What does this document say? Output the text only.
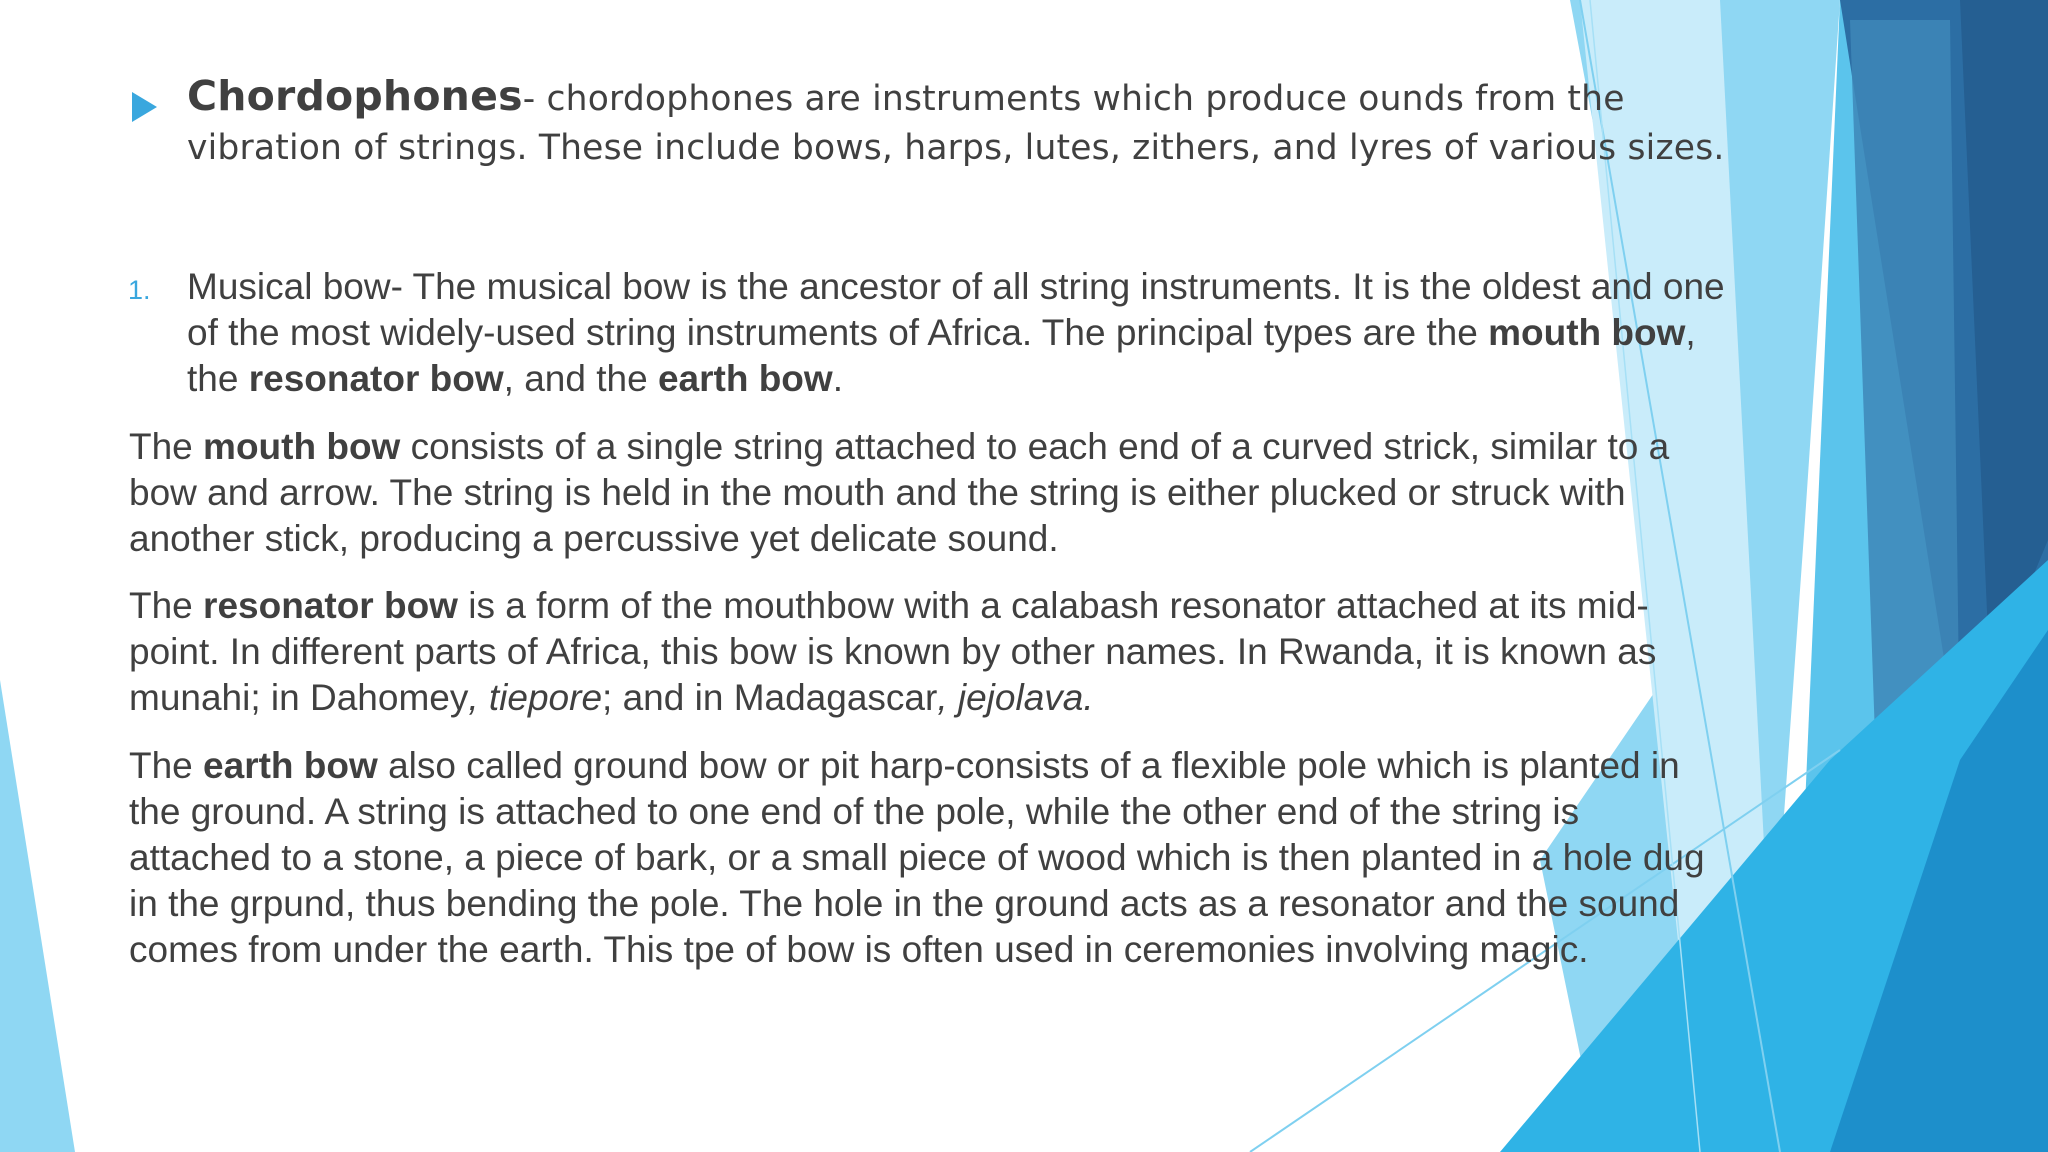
Chordophones- chordophones are instruments which produce ounds from the vibration of strings. These include bows, harps, lutes, zithers, and lyres of various sizes.
1. Musical bow- The musical bow is the ancestor of all string instruments. It is the oldest and one of the most widely-used string instruments of Africa. The principal types are the mouth bow, the resonator bow, and the earth bow.

The mouth bow consists of a single string attached to each end of a curved strick, similar to a bow and arrow. The string is held in the mouth and the string is either plucked or struck with another stick, producing a percussive yet delicate sound.

The resonator bow is a form of the mouthbow with a calabash resonator attached at its mid-point. In different parts of Africa, this bow is known by other names. In Rwanda, it is known as munahi; in Dahomey, tiepore; and in Madagascar, jejolava.

The earth bow also called ground bow or pit harp-consists of a flexible pole which is planted in the ground. A string is attached to one end of the pole, while the other end of the string is attached to a stone, a piece of bark, or a small piece of wood which is then planted in a hole dug in the grpund, thus bending the pole. The hole in the ground acts as a resonator and the sound comes from under the earth. This tpe of bow is often used in ceremonies involving magic.
